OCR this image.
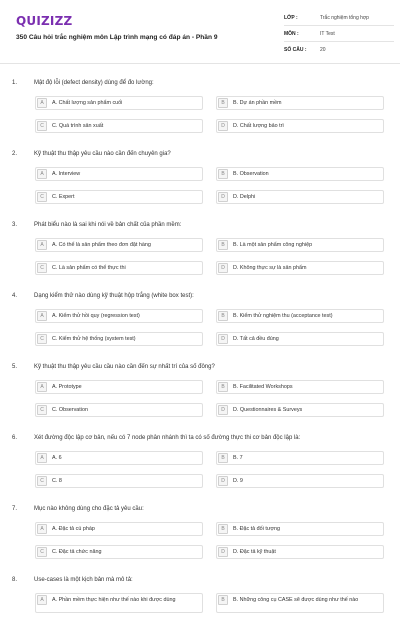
QUIZIZZ
350 Câu hỏi trắc nghiệm môn Lập trình mạng có đáp án - Phần 9
LỚP :	Trắc nghiệm tổng hợp
MÔN :	IT Test
SỐ CÂU :	20
1.	Mật độ lỗi (defect density) dùng để đo lường:
A	A. Chất lượng sản phẩm cuối	B	B. Dự án phần mềm
C	C. Quá trình sản xuất	D	D. Chất lượng bảo trì
2.	Kỹ thuật thu thập yêu cầu nào cần đến chuyên gia?
A	A. Interview	B	B. Observation
C	C. Expert	D	D. Delphi
3.	Phát biểu nào là sai khi nói về bản chất của phần mềm:
A	A. Có thể là sản phẩm theo đơn đặt hàng	B	B. Là một sản phẩm công nghiệp
C	C. Là sản phẩm có thể thực thi	D	D. Không thực sự là sản phẩm
4.	Dạng kiểm thử nào dùng kỹ thuật hộp trắng (white box test):
A	A. Kiểm thử hồi quy (regression test)	B	B. Kiểm thử nghiệm thu (acceptance test)
C	C. Kiểm thử hệ thống (system test)	D	D. Tất cả đều đúng
5.	Kỹ thuật thu thập yêu cầu cầu nào cần đến sự nhất trí của số đông?
A	A. Prototype	B	B. Facilitated Workshops
C	C. Observation	D	D. Questionnaires & Surveys
6.	Xét đường độc lập cơ bản, nếu có 7 node phân nhánh thì ta có số đường thực thi cơ bản độc lập là:
A	A. 6	B	B. 7
C	C. 8	D	D. 9
7.	Mục nào không dùng cho đặc tả yêu cầu:
A	A. Đặc tả cú pháp	B	B. Đặc tả đối tượng
C	C. Đặc tả chức năng	D	D. Đặc tả kỹ thuật
8.	Use-cases là một kịch bản mà mô tả:
A	A. Phần mềm thực hiện như thế nào khi được dùng	B	B. Những công cụ CASE sẽ được dùng như thế nào
